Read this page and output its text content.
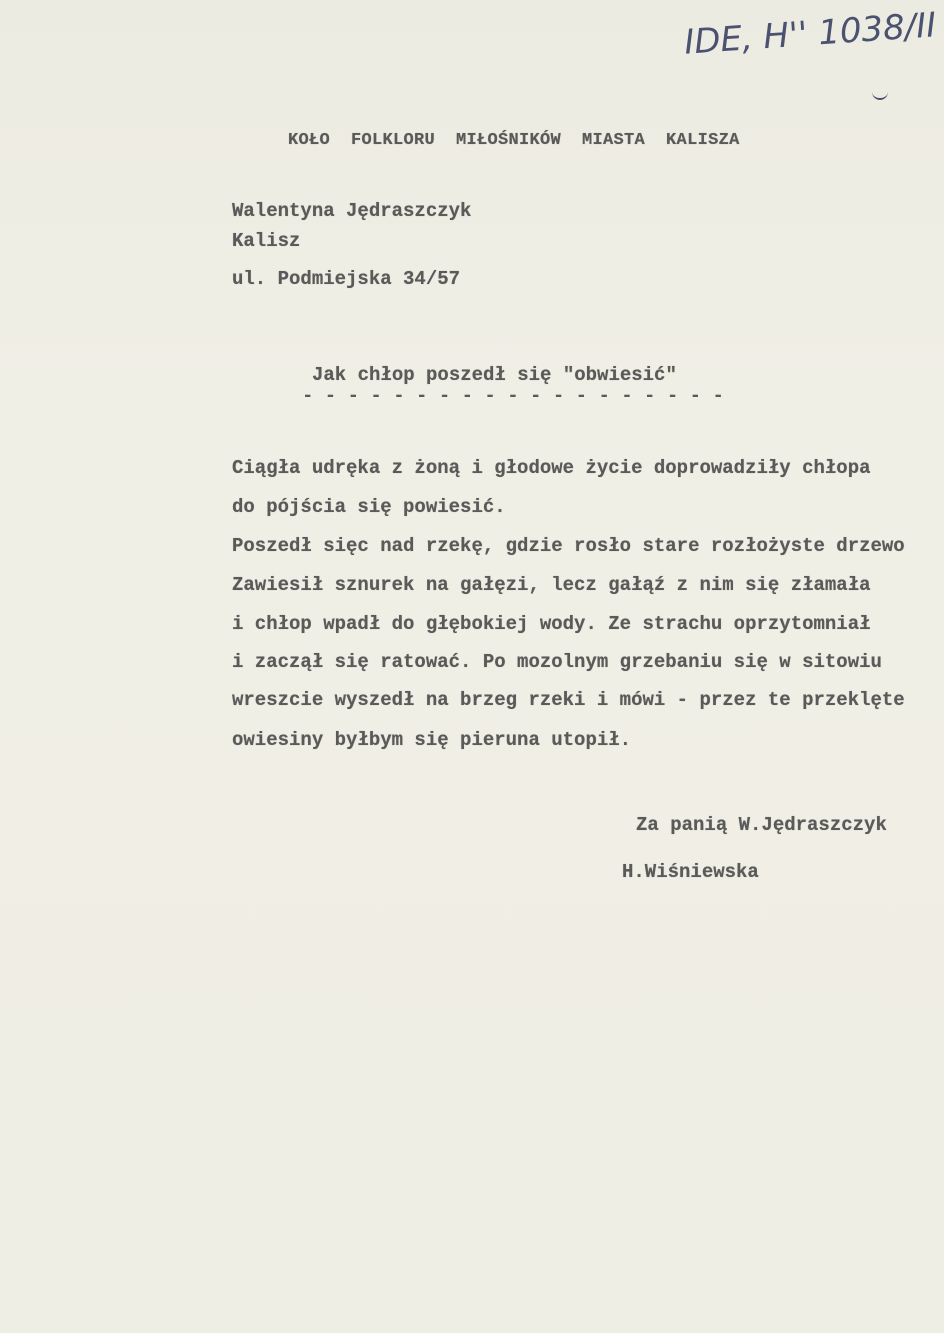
IDE, H'' 1038/II
KOŁO  FOLKLORU  MIŁOŚNIKÓW  MIASTA  KALISZA
Walentyna Jędraszczyk
Kalisz
ul. Podmiejska 34/57
Jak chłop poszedł się "obwiesić"
- - - - - - - - - - - - - - - - - - -
Ciągła udręka z żoną i głodowe życie doprowadziły chłopa
do pójścia się powiesić.
Poszedł sięc nad rzekę, gdzie rosło stare rozłożyste drzewo
Zawiesił sznurek na gałęzi, lecz gałąź z nim się złamała
i chłop wpadł do głębokiej wody. Ze strachu oprzytomniał
i zaczął się ratować. Po mozolnym grzebaniu się w sitowiu
wreszcie wyszedł na brzeg rzeki i mówi - przez te przeklęte
owiesiny byłbym się pieruna utopił.
Za panią W.Jędraszczyk
H.Wiśniewska
